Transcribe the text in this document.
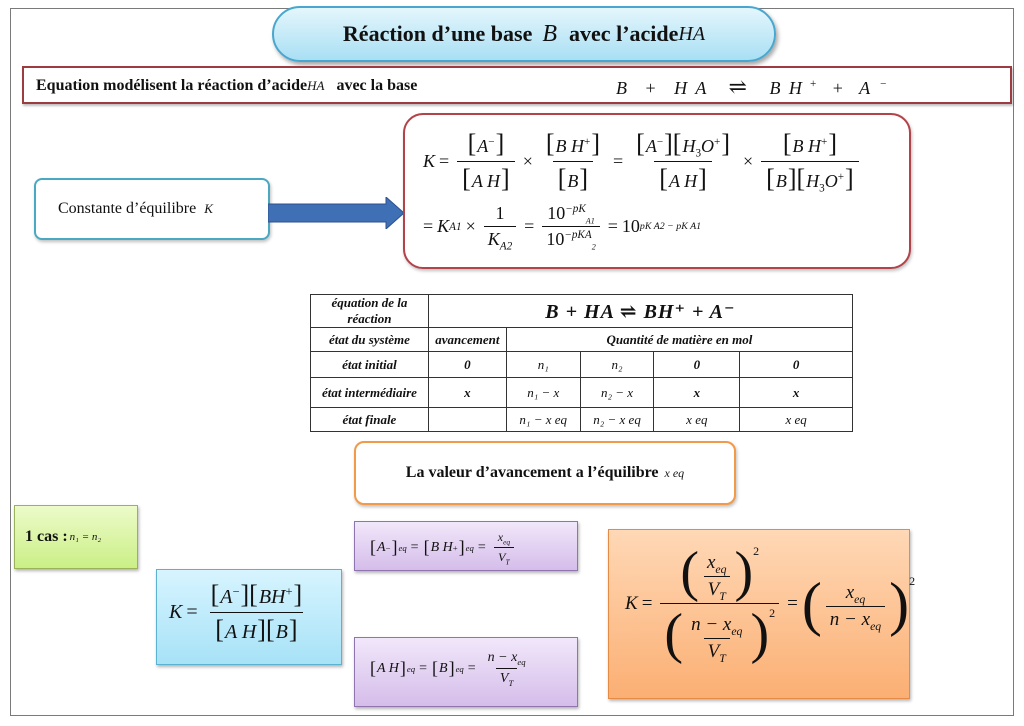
Réaction d’une base B avec l’acide HA
Equation modélisent la réaction d’acideHA avec la base	B + H A ⇌ B H + + A −
Constante d’équilibre K
$K = \frac{[A^-]}{\text{[A H]}} \times \frac{[B H^+]}{[B]} = \frac{[A^-][H_3O^+]}{\text{[A H]}} \times \frac{[B H^+]}{[B][H_3O^+]}$
= K $A1 \times \frac{1}{K_{A2}} = \frac{10^{-pK}_{A1}}{10^{-pKA}_2} = 10$ pK A2 − pK A1
équation de la réaction	B + HA ⇌ BH⁺ + A⁻				
état du système	avancement	Quantité de matière en mol			
état initial	0	n₁	n₂	0	0
état intermédiaire	x	n₁ − x	n₂ − x	x	x
état finale		n₁ − x eq	n₂ − x eq	x eq	x eq
La valeur d’avancement a l’équilibre x eq
1 cas : n₁ = n₂
$K = \frac{[A^-][BH^+]}{\text{[A H][B]}}$
[ A − ] eq = [ B H + ] eq = $\frac{x_{eq}}{V_T}$
[ A H ] eq = [ B ] eq = $\frac{n - x_{eq}}{V_T}$
K = ( $\frac{x_{eq}}{V_T} )^2$
( $\frac{n - x_{eq}}{V_T} )^2$ = ( $\frac{x_{eq}}{n - x_{eq}} )^2$
